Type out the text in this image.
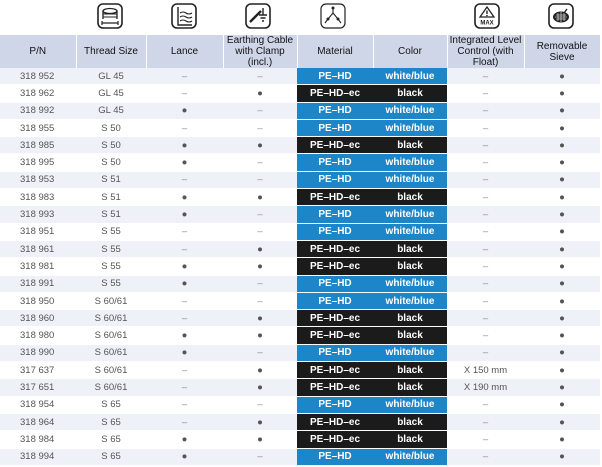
MAX
P/N	Thread Size	Lance	Earthing Cable
with Clamp (incl.)	Material	Color	Integrated Level
Control (with Float)	Removable Sieve
318 952	GL 45	–	–	PE–HD	white/blue	–	●
318 962	GL 45	–	●	PE–HD–ec	black	–	●
318 992	GL 45	●	–	PE–HD	white/blue	–	●
318 955	S 50	–	–	PE–HD	white/blue	–	●
318 985	S 50	●	●	PE–HD–ec	black	–	●
318 995	S 50	●	–	PE–HD	white/blue	–	●
318 953	S 51	–	–	PE–HD	white/blue	–	●
318 983	S 51	●	●	PE–HD–ec	black	–	●
318 993	S 51	●	–	PE–HD	white/blue	–	●
318 951	S 55	–	–	PE–HD	white/blue	–	●
318 961	S 55	–	●	PE–HD–ec	black	–	●
318 981	S 55	●	●	PE–HD–ec	black	–	●
318 991	S 55	●	–	PE–HD	white/blue	–	●
318 950	S 60/61	–	–	PE–HD	white/blue	–	●
318 960	S 60/61	–	●	PE–HD–ec	black	–	●
318 980	S 60/61	●	●	PE–HD–ec	black	–	●
318 990	S 60/61	●	–	PE–HD	white/blue	–	●
317 637	S 60/61	–	●	PE–HD–ec	black	X 150 mm	●
317 651	S 60/61	–	●	PE–HD–ec	black	X 190 mm	●
318 954	S 65	–	–	PE–HD	white/blue	–	●
318 964	S 65	–	●	PE–HD–ec	black	–	●
318 984	S 65	●	●	PE–HD–ec	black	–	●
318 994	S 65	●	–	PE–HD	white/blue	–	●
